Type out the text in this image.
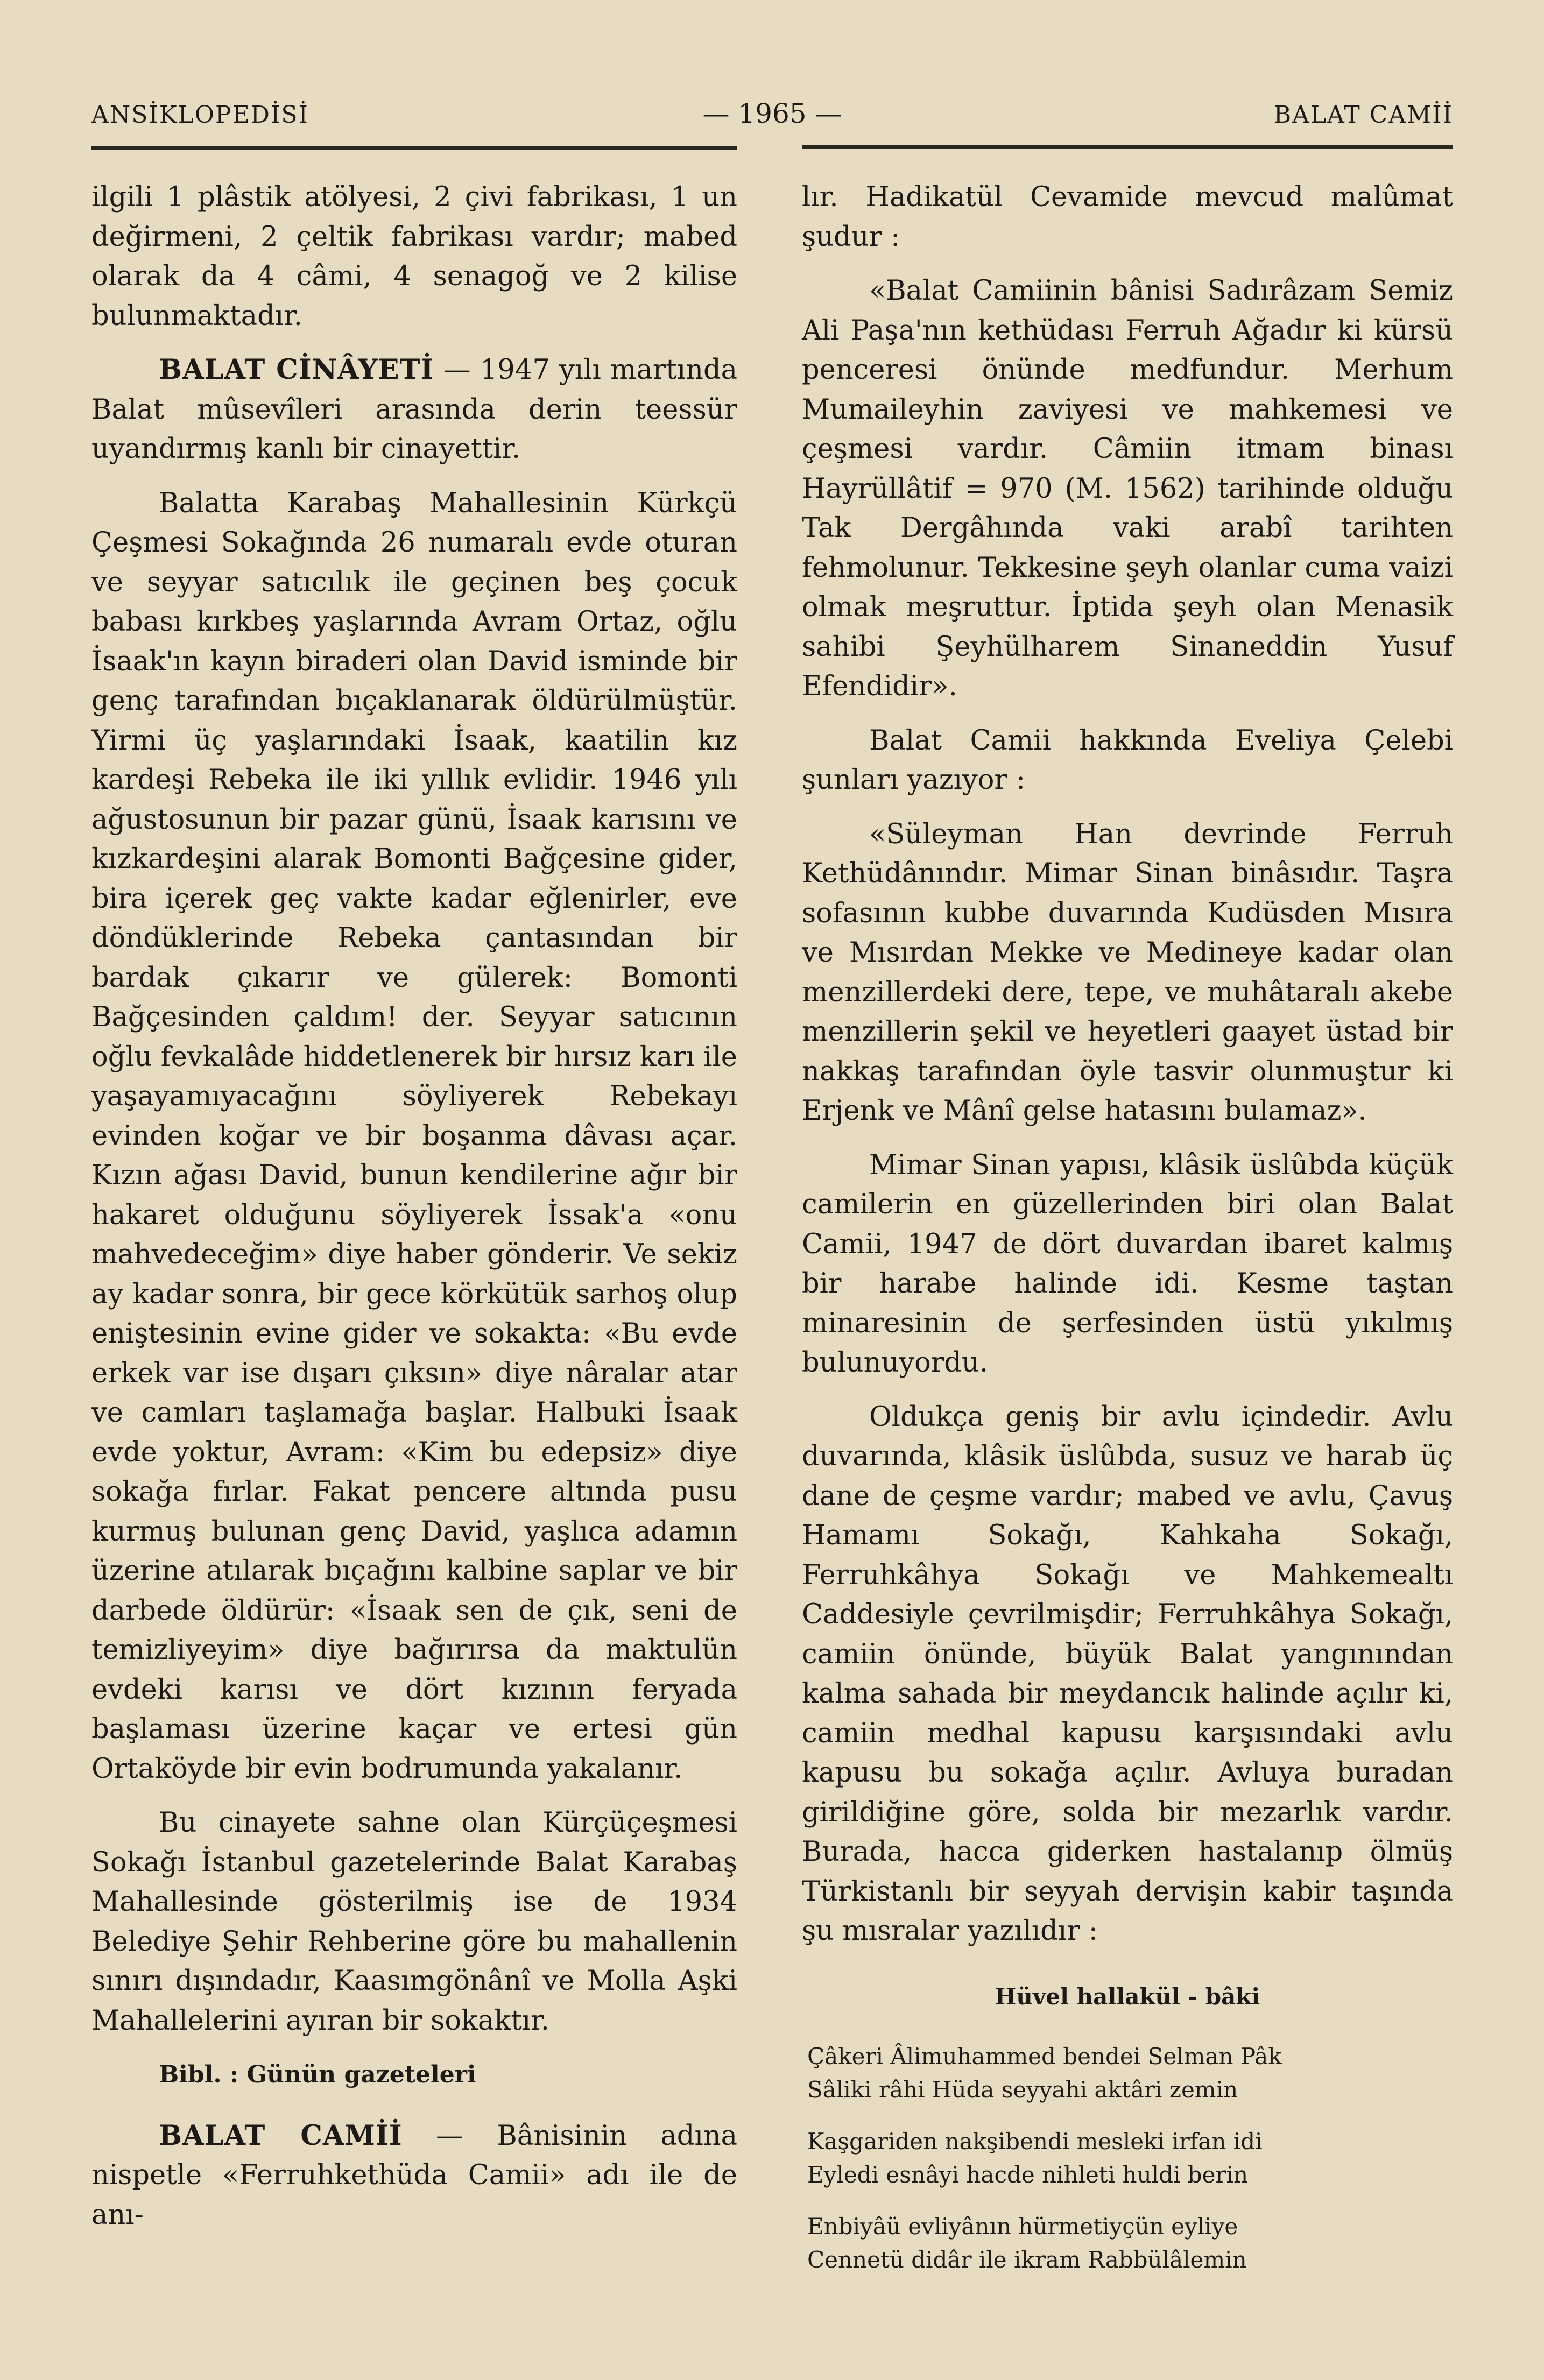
ANSİKLOPEDİSİ	— 1965 —	BALAT CAMİİ

ilgili 1 plâstik atölyesi, 2 çivi fabrikası, 1 un değirmeni, 2 çeltik fabrikası vardır; mabed olarak da 4 câmi, 4 senagoğ ve 2 kilise bulunmaktadır.

BALAT CİNÂYETİ — 1947 yılı martında Balat mûsevîleri arasında derin teessür uyandırmış kanlı bir cinayettir.

Balatta Karabaş Mahallesinin Kürkçü Çeşmesi Sokağında 26 numaralı evde oturan ve seyyar satıcılık ile geçinen beş çocuk babası kırkbeş yaşlarında Avram Ortaz, oğlu İsaak'ın kayın biraderi olan David isminde bir genç tarafından bıçaklanarak öldürülmüştür. Yirmi üç yaşlarındaki İsaak, kaatilin kız kardeşi Rebeka ile iki yıllık evlidir. 1946 yılı ağustosunun bir pazar günü, İsaak karısını ve kızkardeşini alarak Bomonti Bağçesine gider, bira içerek geç vakte kadar eğlenirler, eve döndüklerinde Rebeka çantasından bir bardak çıkarır ve gülerek: Bomonti Bağçesinden çaldım! der. Seyyar satıcının oğlu fevkalâde hiddetlenerek bir hırsız karı ile yaşayamıyacağını söyliyerek Rebekayı evinden koğar ve bir boşanma dâvası açar. Kızın ağası David, bunun kendilerine ağır bir hakaret olduğunu söyliyerek İssak'a «onu mahvedeceğim» diye haber gönderir. Ve sekiz ay kadar sonra, bir gece körkütük sarhoş olup eniştesinin evine gider ve sokakta: «Bu evde erkek var ise dışarı çıksın» diye nâralar atar ve camları taşlamağa başlar. Halbuki İsaak evde yoktur, Avram: «Kim bu edepsiz» diye sokağa fırlar. Fakat pencere altında pusu kurmuş bulunan genç David, yaşlıca adamın üzerine atılarak bıçağını kalbine saplar ve bir darbede öldürür: «İsaak sen de çık, seni de temizliyeyim» diye bağırırsa da maktulün evdeki karısı ve dört kızının feryada başlaması üzerine kaçar ve ertesi gün Ortaköyde bir evin bodrumunda yakalanır.

Bu cinayete sahne olan Kürçüçeşmesi Sokağı İstanbul gazetelerinde Balat Karabaş Mahallesinde gösterilmiş ise de 1934 Belediye Şehir Rehberine göre bu mahallenin sınırı dışındadır, Kaasımgönânî ve Molla Aşki Mahallelerini ayıran bir sokaktır.

Bibl. : Günün gazeteleri

BALAT CAMİİ — Bânisinin adına nispetle «Ferruhkethüda Camii» adı ile de anı-

lır. Hadikatül Cevamide mevcud malûmat şudur :

«Balat Camiinin bânisi Sadırâzam Semiz Ali Paşa'nın kethüdası Ferruh Ağadır ki kürsü penceresi önünde medfundur. Merhum Mumaileyhin zaviyesi ve mahkemesi ve çeşmesi vardır. Câmiin itmam binası Hayrüllâtif = 970 (M. 1562) tarihinde olduğu Tak Dergâhında vaki arabî tarihten fehmolunur. Tekkesine şeyh olanlar cuma vaizi olmak meşruttur. İptida şeyh olan Menasik sahibi Şeyhülharem Sinaneddin Yusuf Efendidir».

Balat Camii hakkında Eveliya Çelebi şunları yazıyor :

«Süleyman Han devrinde Ferruh Kethüdânındır. Mimar Sinan binâsıdır. Taşra sofasının kubbe duvarında Kudüsden Mısıra ve Mısırdan Mekke ve Medineye kadar olan menzillerdeki dere, tepe, ve muhâtaralı akebe menzillerin şekil ve heyetleri gaayet üstad bir nakkaş tarafından öyle tasvir olunmuştur ki Erjenk ve Mânî gelse hatasını bulamaz».

Mimar Sinan yapısı, klâsik üslûbda küçük camilerin en güzellerinden biri olan Balat Camii, 1947 de dört duvardan ibaret kalmış bir harabe halinde idi. Kesme taştan minaresinin de şerfesinden üstü yıkılmış bulunuyordu.

Oldukça geniş bir avlu içindedir. Avlu duvarında, klâsik üslûbda, susuz ve harab üç dane de çeşme vardır; mabed ve avlu, Çavuş Hamamı Sokağı, Kahkaha Sokağı, Ferruhkâhya Sokağı ve Mahkemealtı Caddesiyle çevrilmişdir; Ferruhkâhya Sokağı, camiin önünde, büyük Balat yangınından kalma sahada bir meydancık halinde açılır ki, camiin medhal kapusu karşısındaki avlu kapusu bu sokağa açılır. Avluya buradan girildiğine göre, solda bir mezarlık vardır. Burada, hacca giderken hastalanıp ölmüş Türkistanlı bir seyyah dervişin kabir taşında şu mısralar yazılıdır :

Hüvel hallakül - bâki
Çâkeri Âlimuhammed bendei Selman Pâk
Sâliki râhi Hüda seyyahi aktâri zemin
Kaşgariden nakşibendi mesleki irfan idi
Eyledi esnâyi hacde nihleti huldi berin
Enbiyâü evliyânın hürmetiyçün eyliye
Cennetü didâr ile ikram Rabbülâlemin
